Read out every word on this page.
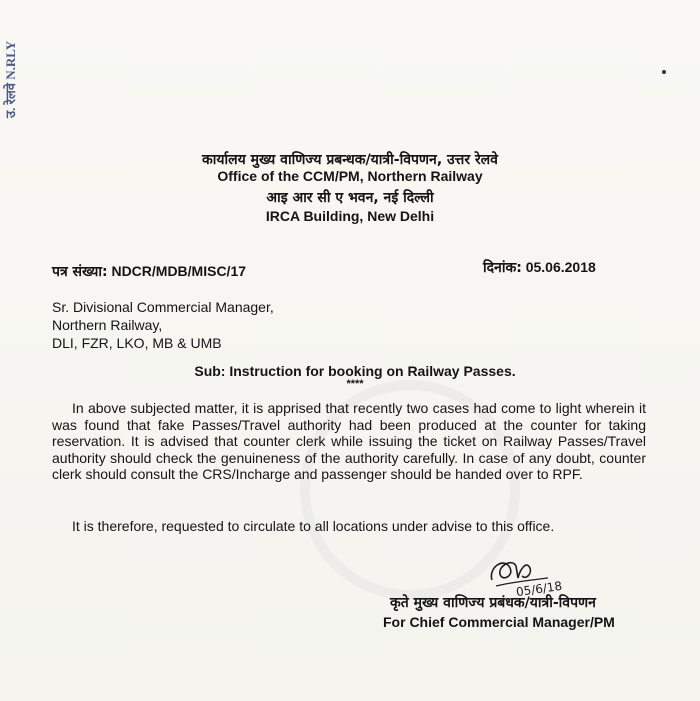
उ. रेलवे N.RLY
कार्यालय मुख्य वाणिज्य प्रबन्धक/यात्री-विपणन, उत्तर रेलवे
Office of the CCM/PM, Northern Railway
आइ आर सी ए भवन, नई दिल्ली
IRCA Building, New Delhi
पत्र संख्या: NDCR/MDB/MISC/17	दिनांक: 05.06.2018
Sr. Divisional Commercial Manager,
Northern Railway,
DLI, FZR, LKO, MB & UMB
Sub: Instruction for booking on Railway Passes.
****
In above subjected matter, it is apprised that recently two cases had come to light wherein it was found that fake Passes/Travel authority had been produced at the counter for taking reservation. It is advised that counter clerk while issuing the ticket on Railway Passes/Travel authority should check the genuineness of the authority carefully. In case of any doubt, counter clerk should consult the CRS/Incharge and passenger should be handed over to RPF.
It is therefore, requested to circulate to all locations under advise to this office.
05/6/18
कृते मुख्य वाणिज्य प्रबंधक/यात्री-विपणन
For Chief Commercial Manager/PM
